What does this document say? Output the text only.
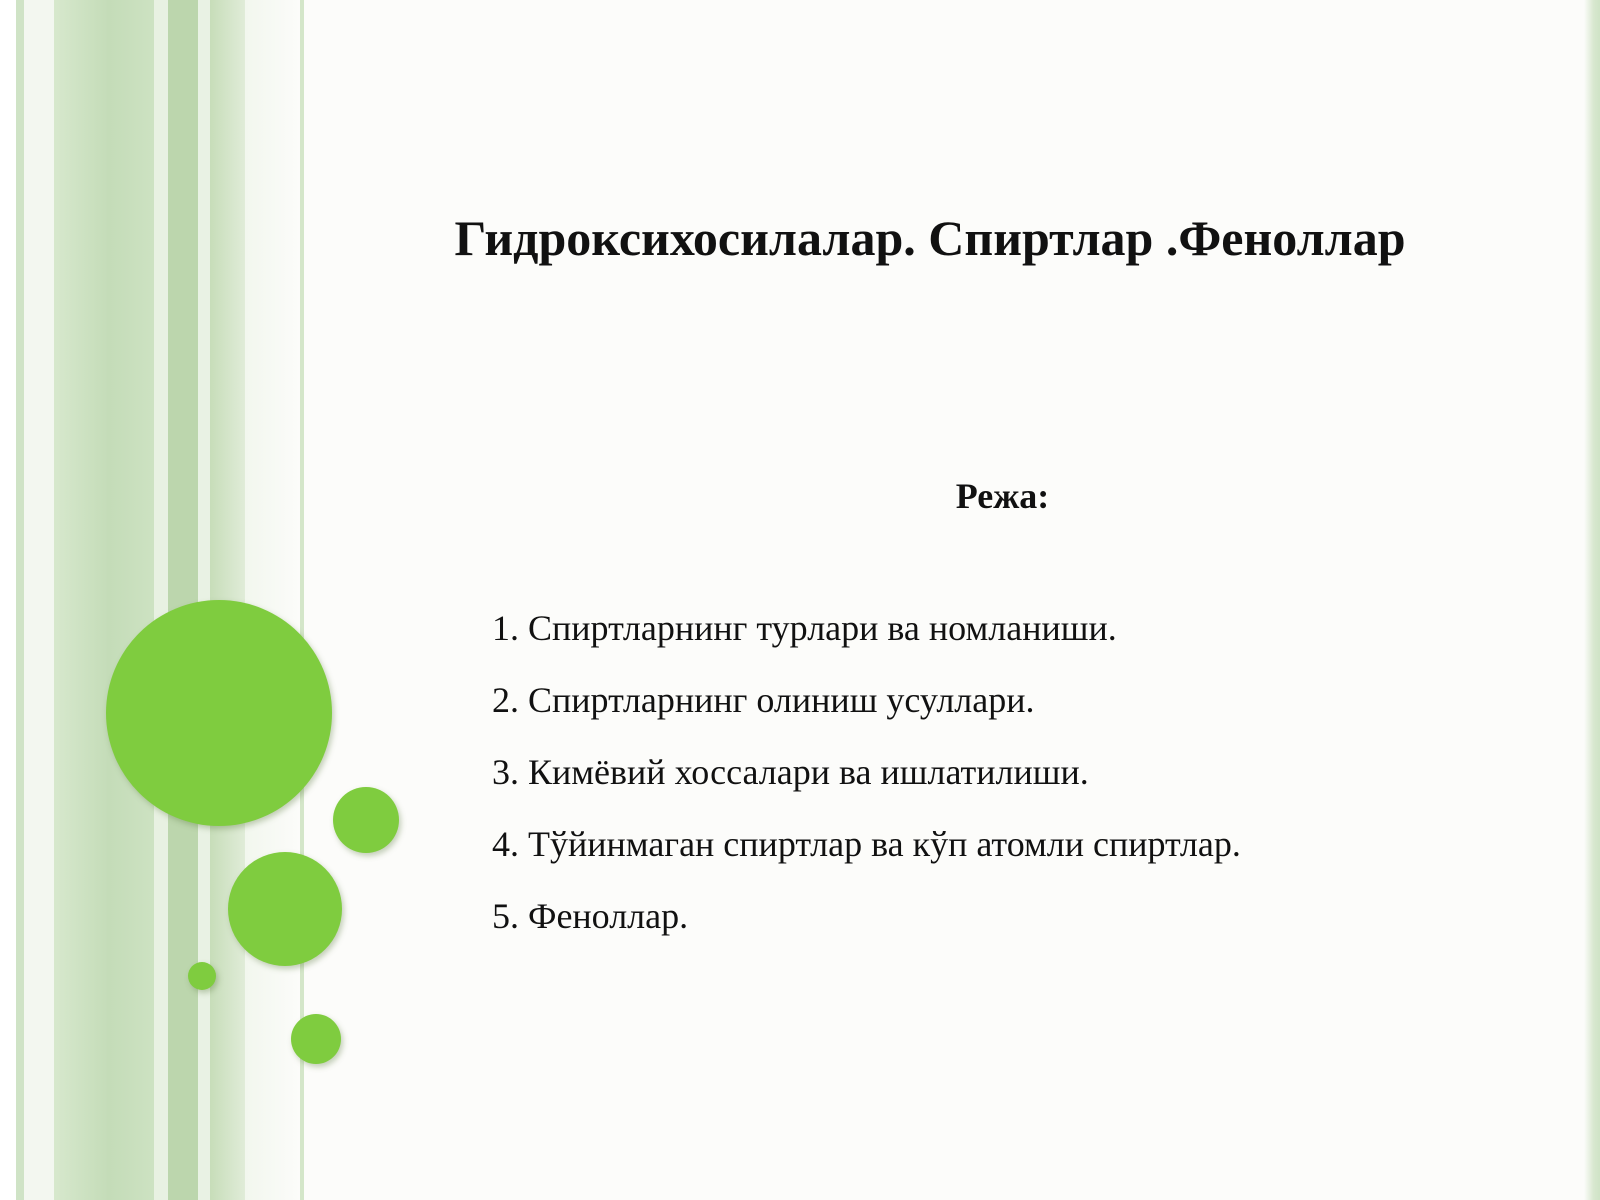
Гидроксихосилалар. Спиртлар .Феноллар
Режа:
1. Спиртларнинг турлари ва номланиши.
2. Спиртларнинг олиниш усуллари.
3. Кимёвий хоссалари ва ишлатилиши.
4. Тўйинмаган спиртлар ва кўп атомли спиртлар.
5. Феноллар.
